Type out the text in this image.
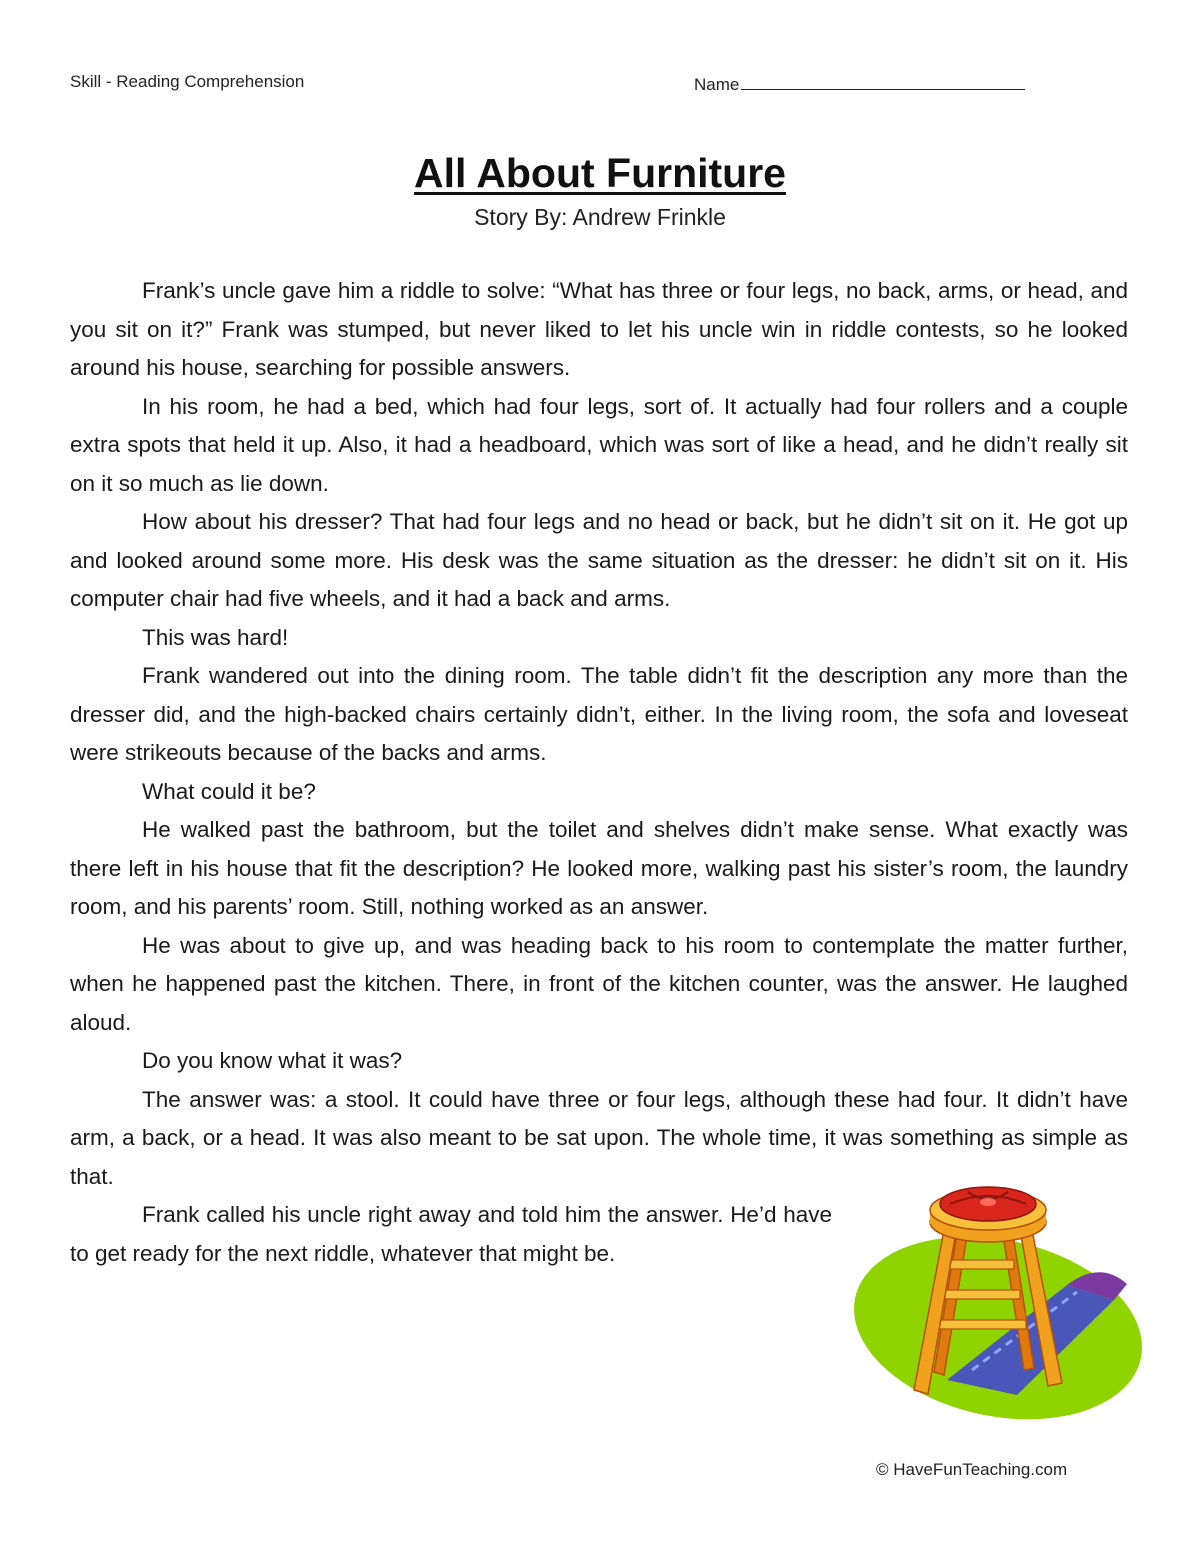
Skill - Reading Comprehension	Name
All About Furniture
Story By: Andrew Frinkle

Frank’s uncle gave him a riddle to solve: “What has three or four legs, no back, arms, or head, and you sit on it?” Frank was stumped, but never liked to let his uncle win in riddle contests, so he looked around his house, searching for possible answers.

In his room, he had a bed, which had four legs, sort of. It actually had four rollers and a couple extra spots that held it up. Also, it had a headboard, which was sort of like a head, and he didn’t really sit on it so much as lie down.

How about his dresser? That had four legs and no head or back, but he didn’t sit on it. He got up and looked around some more. His desk was the same situation as the dresser: he didn’t sit on it. His computer chair had five wheels, and it had a back and arms.

This was hard!

Frank wandered out into the dining room. The table didn’t fit the description any more than the dresser did, and the high-backed chairs certainly didn’t, either. In the living room, the sofa and loveseat were strikeouts because of the backs and arms.

What could it be?

He walked past the bathroom, but the toilet and shelves didn’t make sense. What exactly was there left in his house that fit the description? He looked more, walking past his sister’s room, the laundry room, and his parents’ room. Still, nothing worked as an answer.

He was about to give up, and was heading back to his room to contemplate the matter further, when he happened past the kitchen. There, in front of the kitchen counter, was the answer. He laughed aloud.

Do you know what it was?

The answer was: a stool. It could have three or four legs, although these had four. It didn’t have arm, a back, or a head. It was also meant to be sat upon. The whole time, it was something as simple as that.

Frank called his uncle right away and told him the answer. He’d have to get ready for the next riddle, whatever that might be.

© HaveFunTeaching.com
